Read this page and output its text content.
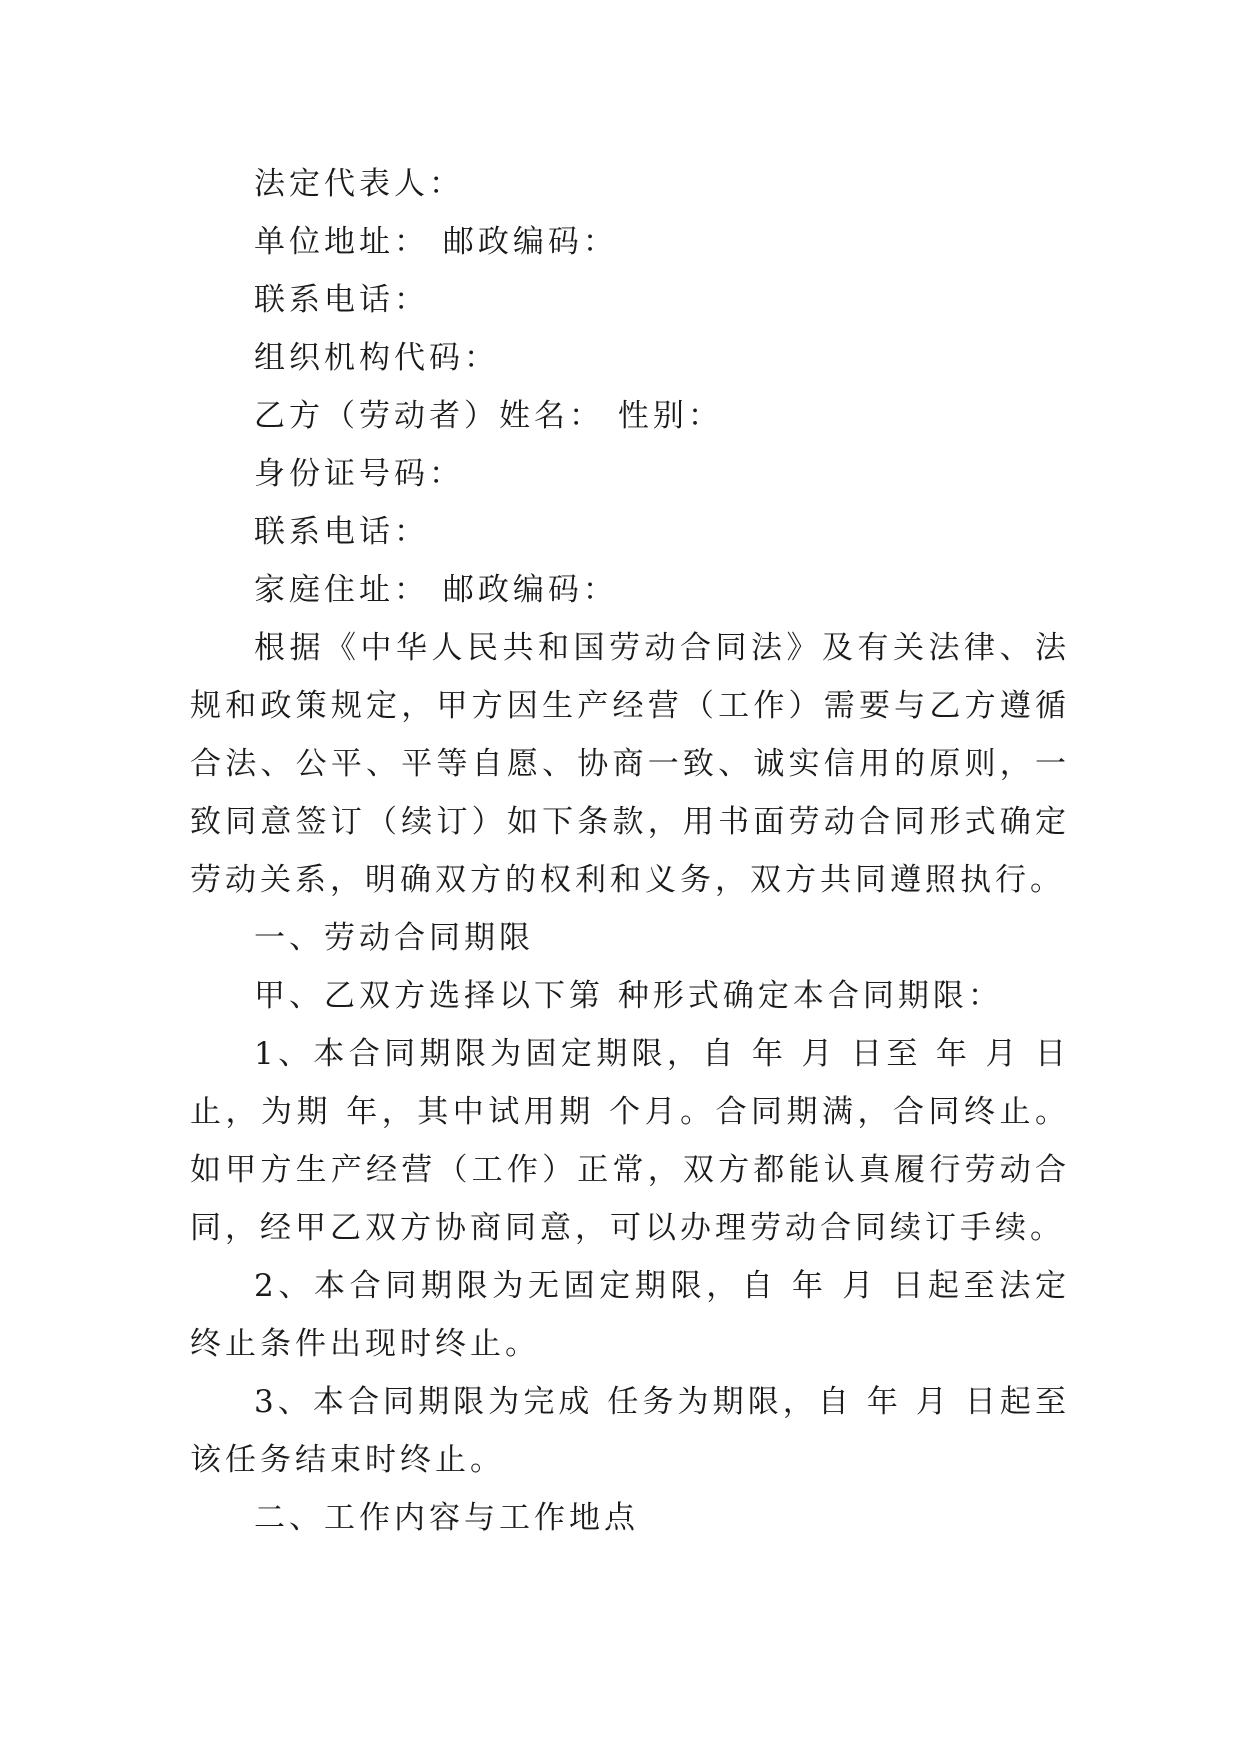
法定代表人：

单位地址： 邮政编码：

联系电话：

组织机构代码：

乙方（劳动者）姓名： 性别：

身份证号码：

联系电话：

家庭住址： 邮政编码：

根据《中华人民共和国劳动合同法》及有关法律、法规和政策规定，甲方因生产经营（工作）需要与乙方遵循合法、公平、平等自愿、协商一致、诚实信用的原则，一致同意签订（续订）如下条款，用书面劳动合同形式确定劳动关系，明确双方的权利和义务，双方共同遵照执行。

一、劳动合同期限

甲、乙双方选择以下第 种形式确定本合同期限：

1、本合同期限为固定期限，自 年 月 日至 年 月 日止，为期 年，其中试用期 个月。合同期满，合同终止。如甲方生产经营（工作）正常，双方都能认真履行劳动合同，经甲乙双方协商同意，可以办理劳动合同续订手续。

2、本合同期限为无固定期限，自 年 月 日起至法定终止条件出现时终止。

3、本合同期限为完成 任务为期限，自 年 月 日起至该任务结束时终止。

二、工作内容与工作地点
